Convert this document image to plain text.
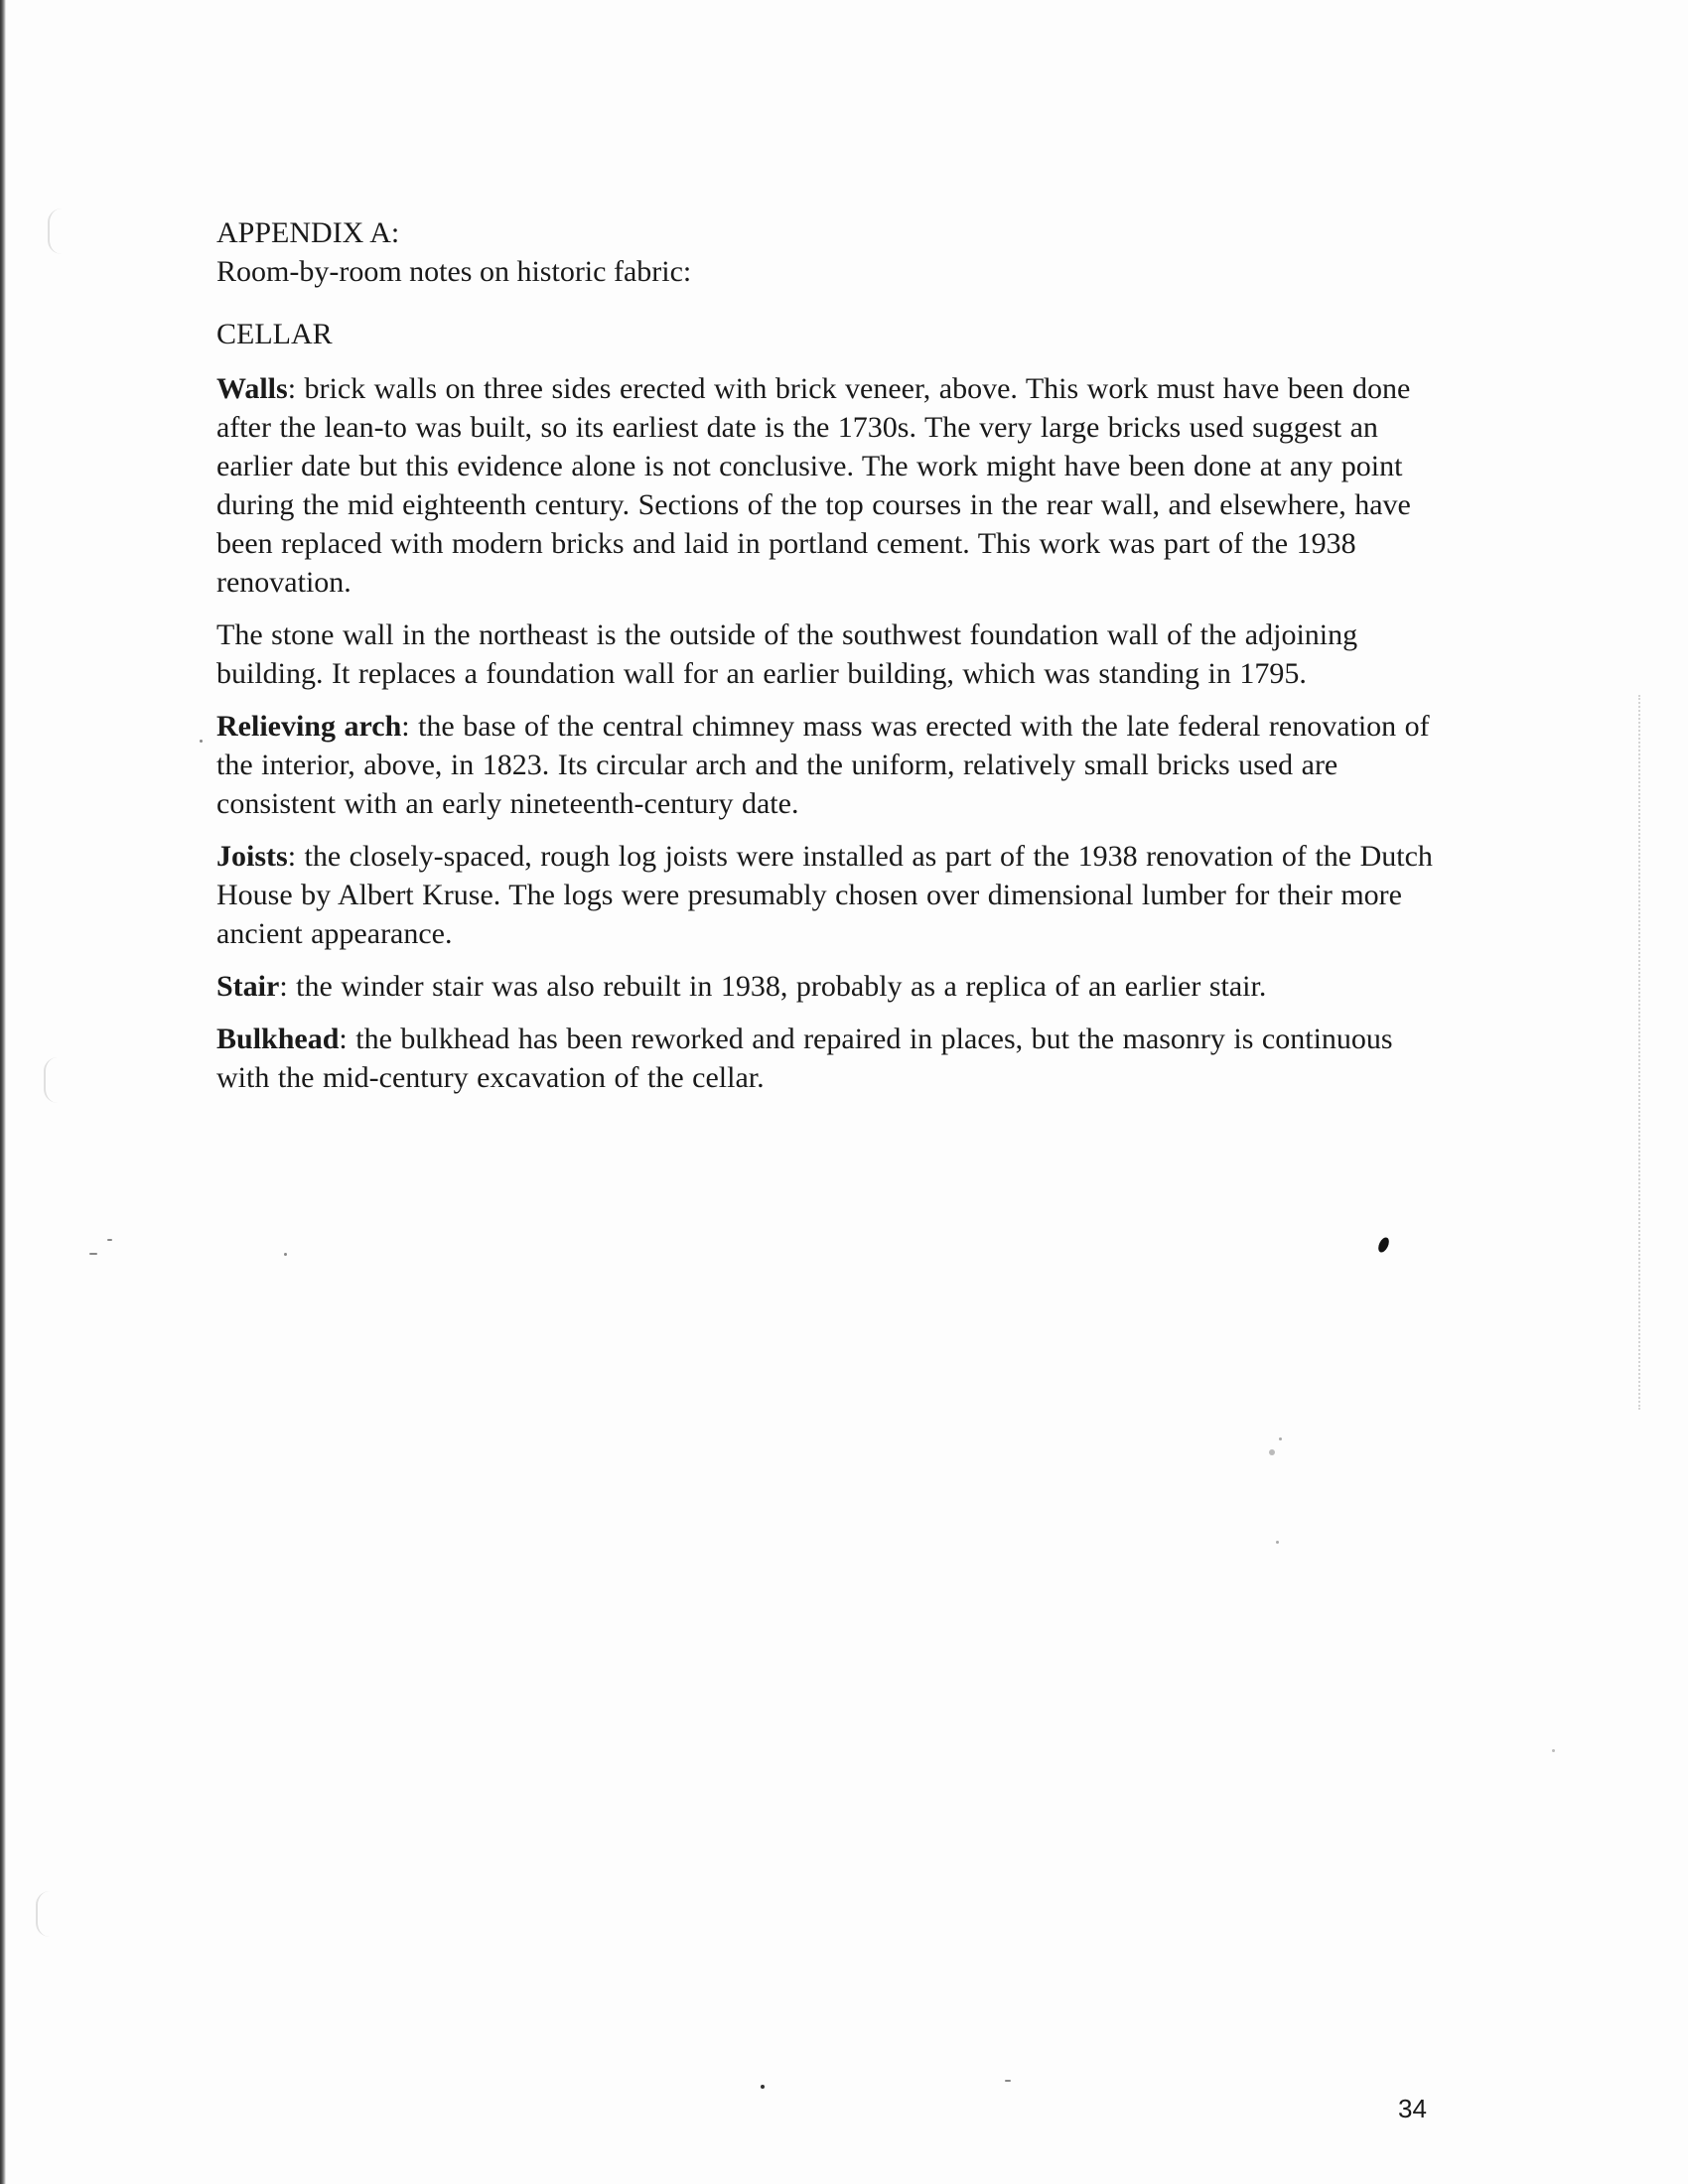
APPENDIX A:
Room-by-room notes on historic fabric:
CELLAR

Walls: brick walls on three sides erected with brick veneer, above. This work must have been done after the lean-to was built, so its earliest date is the 1730s. The very large bricks used suggest an earlier date but this evidence alone is not conclusive. The work might have been done at any point during the mid eighteenth century. Sections of the top courses in the rear wall, and elsewhere, have been replaced with modern bricks and laid in portland cement. This work was part of the 1938 renovation.

The stone wall in the northeast is the outside of the southwest foundation wall of the adjoining building. It replaces a foundation wall for an earlier building, which was standing in 1795.

Relieving arch: the base of the central chimney mass was erected with the late federal renovation of the interior, above, in 1823. Its circular arch and the uniform, relatively small bricks used are consistent with an early nineteenth-century date.

Joists: the closely-spaced, rough log joists were installed as part of the 1938 renovation of the Dutch House by Albert Kruse. The logs were presumably chosen over dimensional lumber for their more ancient appearance.

Stair: the winder stair was also rebuilt in 1938, probably as a replica of an earlier stair.

Bulkhead: the bulkhead has been reworked and repaired in places, but the masonry is continuous with the mid-century excavation of the cellar.

34
